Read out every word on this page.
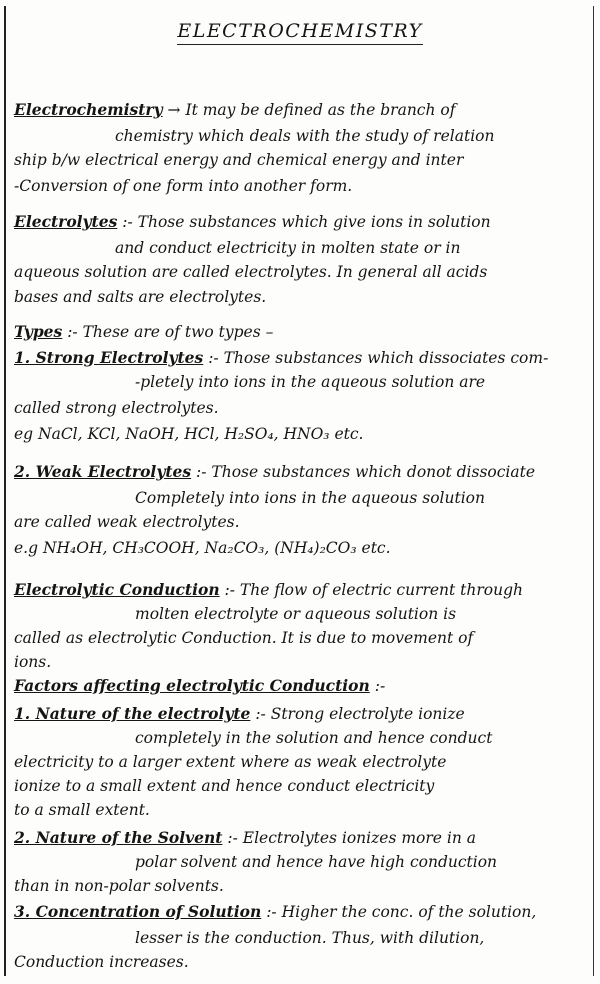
ELECTROCHEMISTRY
Electrochemistry → It may be defined as the branch of
chemistry which deals with the study of relation
ship b/w electrical energy and chemical energy and inter
-Conversion of one form into another form.
Electrolytes :- Those substances which give ions in solution
and conduct electricity in molten state or in
aqueous solution are called electrolytes. In general all acids
bases and salts are electrolytes.
Types :- These are of two types –
1. Strong Electrolytes :- Those substances which dissociates com-
-pletely into ions in the aqueous solution are
called strong electrolytes.
eg NaCl, KCl, NaOH, HCl, H₂SO₄, HNO₃ etc.
2. Weak Electrolytes :- Those substances which donot dissociate
Completely into ions in the aqueous solution
are called weak electrolytes.
e.g NH₄OH, CH₃COOH, Na₂CO₃, (NH₄)₂CO₃ etc.
Electrolytic Conduction :- The flow of electric current through
molten electrolyte or aqueous solution is
called as electrolytic Conduction. It is due to movement of
ions.
Factors affecting electrolytic Conduction :-
1. Nature of the electrolyte :- Strong electrolyte ionize
completely in the solution and hence conduct
electricity to a larger extent where as weak electrolyte
ionize to a small extent and hence conduct electricity
to a small extent.
2. Nature of the Solvent :- Electrolytes ionizes more in a
polar solvent and hence have high conduction
than in non-polar solvents.
3. Concentration of Solution :- Higher the conc. of the solution,
lesser is the conduction. Thus, with dilution,
Conduction increases.
